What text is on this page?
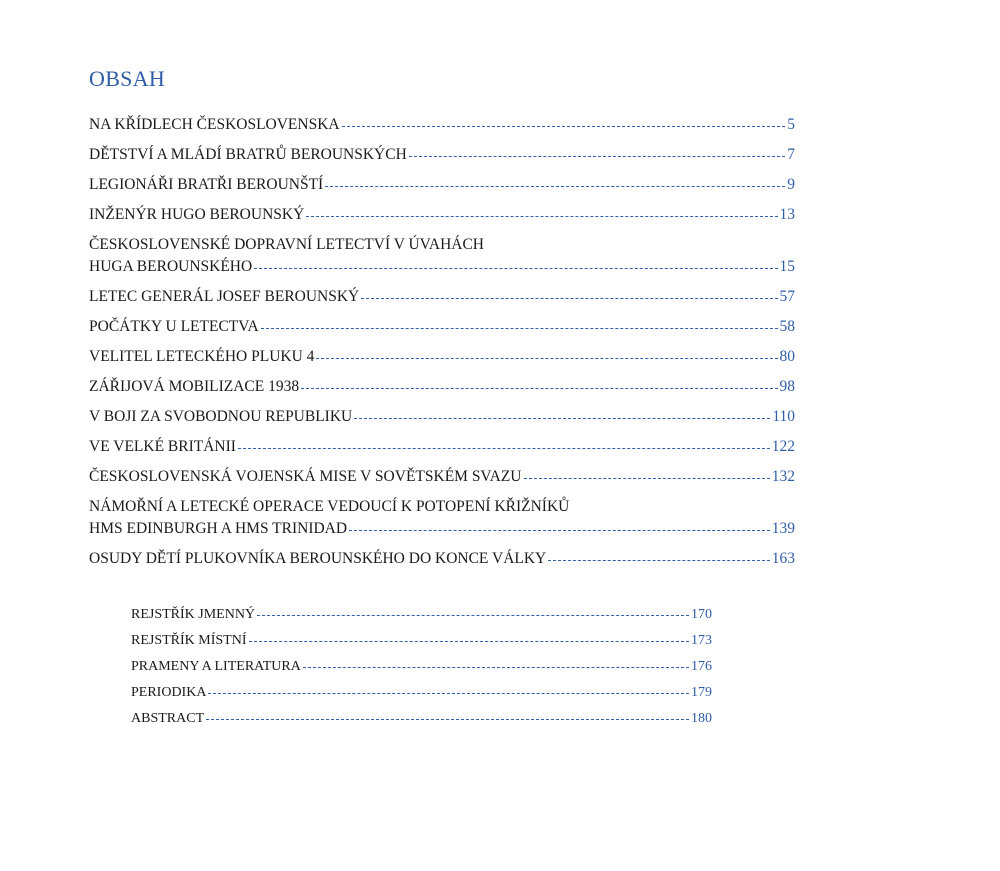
OBSAH
NA KŘÍDLECH ČESKOSLOVENSKA	5
DĚTSTVÍ A MLÁDÍ BRATRŮ BEROUNSKÝCH	7
LEGIONÁŘI BRATŘI BEROUNŠTÍ	9
INŽENÝR HUGO BEROUNSKÝ	13
ČESKOSLOVENSKÉ DOPRAVNÍ LETECTVÍ V ÚVAHÁCH
HUGA BEROUNSKÉHO	15
LETEC GENERÁL JOSEF BEROUNSKÝ	57
POČÁTKY U LETECTVA	58
VELITEL LETECKÉHO PLUKU 4	80
ZÁŘIJOVÁ MOBILIZACE 1938	98
V BOJI ZA SVOBODNOU REPUBLIKU	110
VE VELKÉ BRITÁNII	122
ČESKOSLOVENSKÁ VOJENSKÁ MISE V SOVĚTSKÉM SVAZU	132
NÁMOŘNÍ A LETECKÉ OPERACE VEDOUCÍ K POTOPENÍ KŘIŽNÍKŮ
HMS EDINBURGH A HMS TRINIDAD	139
OSUDY DĚTÍ PLUKOVNÍKA BEROUNSKÉHO DO KONCE VÁLKY	163
REJSTŘÍK JMENNÝ	170
REJSTŘÍK MÍSTNÍ	173
PRAMENY A LITERATURA	176
PERIODIKA	179
ABSTRACT	180
